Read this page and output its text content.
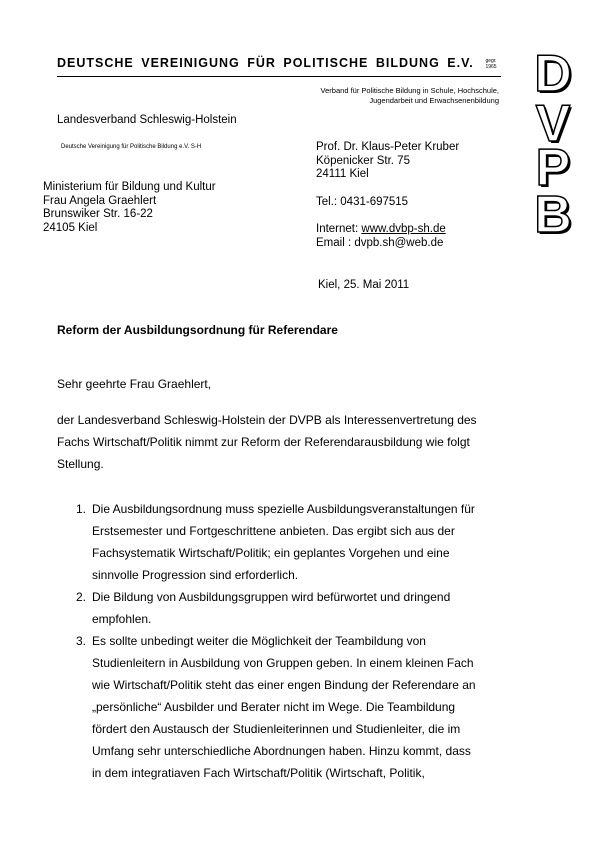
DEUTSCHE VEREINIGUNG FÜR POLITISCHE BILDUNG E.V. gegr. 1965
Verband für Politische Bildung in Schule, Hochschule,
Jugendarbeit und Erwachsenenbildung D
V
P
B
Landesverband Schleswig-Holstein
Deutsche Vereinigung für Politische Bildung e.V. S-H
Ministerium für Bildung und Kultur
Frau Angela Graehlert
Brunswiker Str. 16-22
24105 Kiel
Prof. Dr. Klaus-Peter Kruber
Köpenicker Str. 75
24111 Kiel
Tel.: 0431-697515
Internet: www.dvbp-sh.de
Email : dvpb.sh@web.de
Kiel, 25. Mai 2011
Reform der Ausbildungsordnung für Referendare
Sehr geehrte Frau Graehlert,
der Landesverband Schleswig-Holstein der DVPB als Interessenvertretung des
Fachs Wirtschaft/Politik nimmt zur Reform der Referendarausbildung wie folgt
Stellung.
1. Die Ausbildungsordnung muss spezielle Ausbildungsveranstaltungen für
Erstsemester und Fortgeschrittene anbieten. Das ergibt sich aus der
Fachsystematik Wirtschaft/Politik; ein geplantes Vorgehen und eine
sinnvolle Progression sind erforderlich.
2. Die Bildung von Ausbildungsgruppen wird befürwortet und dringend
empfohlen.
3. Es sollte unbedingt weiter die Möglichkeit der Teambildung von
Studienleitern in Ausbildung von Gruppen geben. In einem kleinen Fach
wie Wirtschaft/Politik steht das einer engen Bindung der Referendare an
„persönliche“ Ausbilder und Berater nicht im Wege. Die Teambildung
fördert den Austausch der Studienleiterinnen und Studienleiter, die im
Umfang sehr unterschiedliche Abordnungen haben. Hinzu kommt, dass
in dem integratiaven Fach Wirtschaft/Politik (Wirtschaft, Politik,
